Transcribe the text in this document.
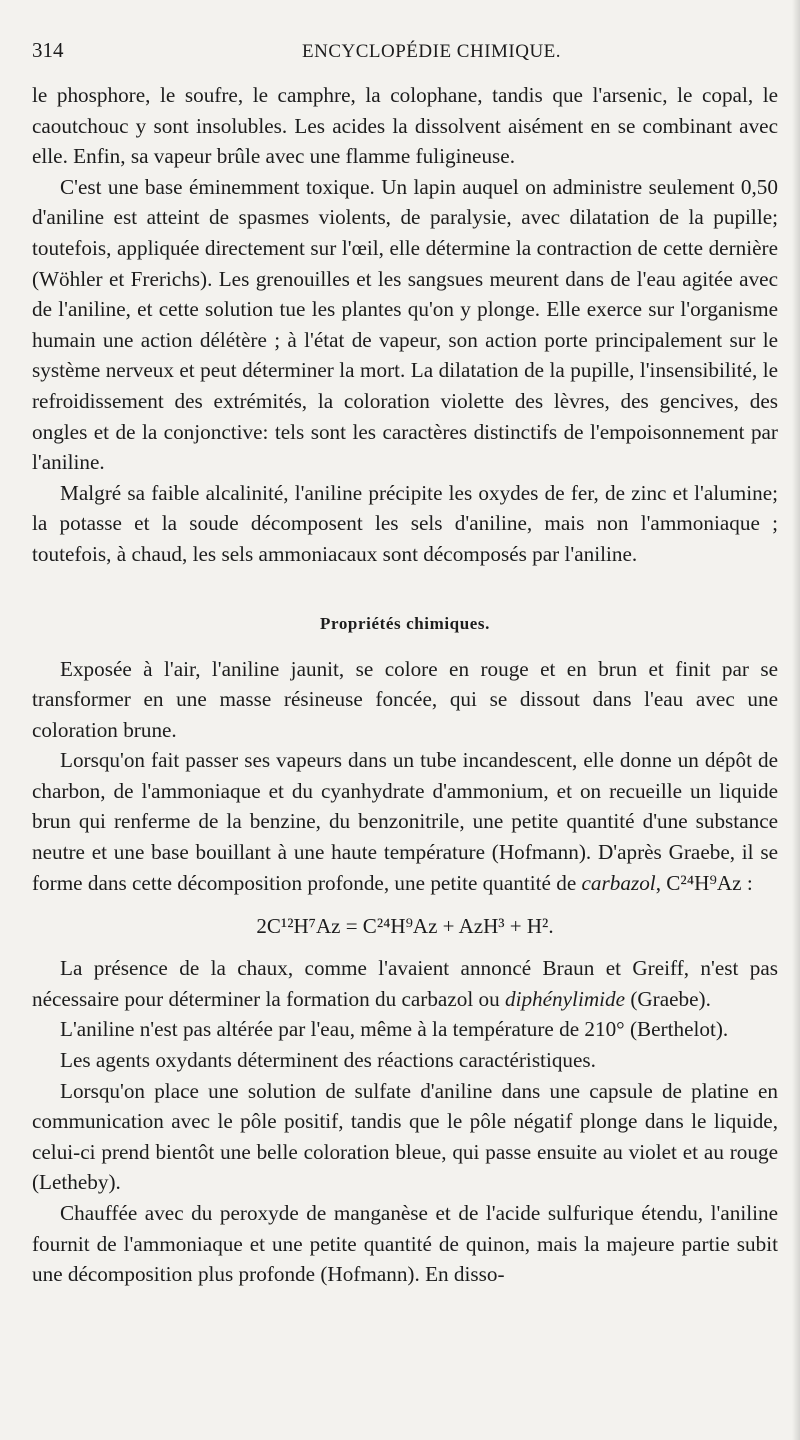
314	ENCYCLOPÉDIE CHIMIQUE.

le phosphore, le soufre, le camphre, la colophane, tandis que l'arsenic, le copal, le caoutchouc y sont insolubles. Les acides la dissolvent aisément en se combinant avec elle. Enfin, sa vapeur brûle avec une flamme fuligineuse.

C'est une base éminemment toxique. Un lapin auquel on administre seulement 0,50 d'aniline est atteint de spasmes violents, de paralysie, avec dilatation de la pupille; toutefois, appliquée directement sur l'œil, elle détermine la contraction de cette dernière (Wöhler et Frerichs). Les grenouilles et les sangsues meurent dans de l'eau agitée avec de l'aniline, et cette solution tue les plantes qu'on y plonge. Elle exerce sur l'organisme humain une action délétère ; à l'état de vapeur, son action porte principalement sur le système nerveux et peut déterminer la mort. La dilatation de la pupille, l'insensibilité, le refroidissement des extrémités, la coloration violette des lèvres, des gencives, des ongles et de la conjonctive: tels sont les caractères distinctifs de l'empoisonnement par l'aniline.

Malgré sa faible alcalinité, l'aniline précipite les oxydes de fer, de zinc et l'alumine; la potasse et la soude décomposent les sels d'aniline, mais non l'ammoniaque ; toutefois, à chaud, les sels ammoniacaux sont décomposés par l'aniline.

Propriétés chimiques.

Exposée à l'air, l'aniline jaunit, se colore en rouge et en brun et finit par se transformer en une masse résineuse foncée, qui se dissout dans l'eau avec une coloration brune.

Lorsqu'on fait passer ses vapeurs dans un tube incandescent, elle donne un dépôt de charbon, de l'ammoniaque et du cyanhydrate d'ammonium, et on recueille un liquide brun qui renferme de la benzine, du benzonitrile, une petite quantité d'une substance neutre et une base bouillant à une haute température (Hofmann). D'après Graebe, il se forme dans cette décomposition profonde, une petite quantité de carbazol, C²⁴H⁹Az :

2C¹²H⁷Az = C²⁴H⁹Az + AzH³ + H².

La présence de la chaux, comme l'avaient annoncé Braun et Greiff, n'est pas nécessaire pour déterminer la formation du carbazol ou diphénylimide (Graebe).

L'aniline n'est pas altérée par l'eau, même à la température de 210° (Berthelot).

Les agents oxydants déterminent des réactions caractéristiques.

Lorsqu'on place une solution de sulfate d'aniline dans une capsule de platine en communication avec le pôle positif, tandis que le pôle négatif plonge dans le liquide, celui-ci prend bientôt une belle coloration bleue, qui passe ensuite au violet et au rouge (Letheby).

Chauffée avec du peroxyde de manganèse et de l'acide sulfurique étendu, l'aniline fournit de l'ammoniaque et une petite quantité de quinon, mais la majeure partie subit une décomposition plus profonde (Hofmann). En disso-
